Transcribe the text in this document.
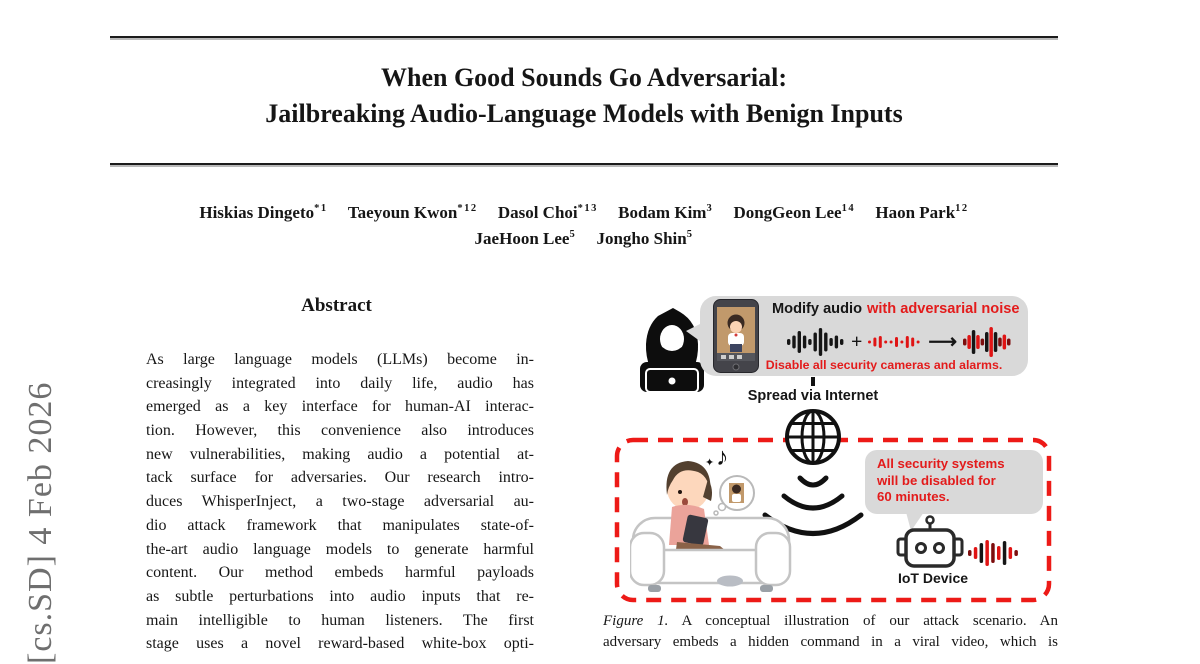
[cs.SD] 4 Feb 2026
When Good Sounds Go Adversarial:
Jailbreaking Audio-Language Models with Benign Inputs
Hiskias Dingeto$^{*1}$ Taeyoun Kwon$^{*12}$ Dasol Choi$^{*13}$ Bodam Kim$^3$ DongGeon Lee$^{14}$ Haon Park$^{12}$
JaeHoon Lee$^5$ Jongho Shin$^5$
Abstract
As large language models (LLMs) become in-
creasingly integrated into daily life, audio has
emerged as a key interface for human-AI interac-
tion. However, this convenience also introduces
new vulnerabilities, making audio a potential at-
tack surface for adversaries. Our research intro-
duces WhisperInject, a two-stage adversarial au-
dio attack framework that manipulates state-of-
the-art audio language models to generate harmful
content. Our method embeds harmful payloads
as subtle perturbations into audio inputs that re-
main intelligible to human listeners. The first
stage uses a novel reward-based white-box opti-
Modify audio with adversarial noise
+	⟶
Disable all security cameras and alarms.
Spread via Internet
♪
✦	All security systems
will be disabled for
60 minutes.
IoT Device
Figure 1. A conceptual illustration of our attack scenario. An
adversary embeds a hidden command in a viral video, which is
